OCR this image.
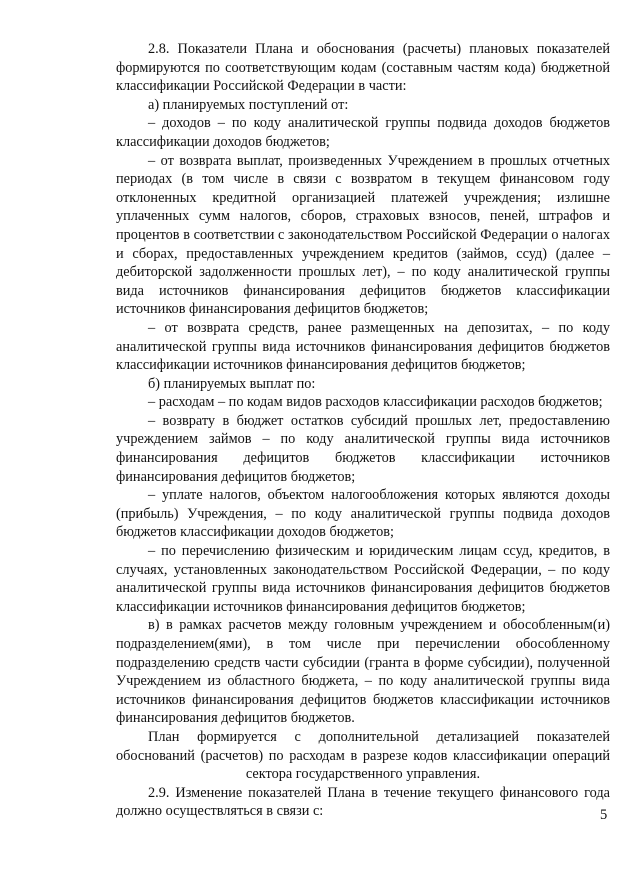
2.8. Показатели Плана и обоснования (расчеты) плановых показателей формируются по соответствующим кодам (составным частям кода) бюджетной классификации Российской Федерации в части:

а) планируемых поступлений от:

– доходов – по коду аналитической группы подвида доходов бюджетов классификации доходов бюджетов;

– от возврата выплат, произведенных Учреждением в прошлых отчетных периодах (в том числе в связи с возвратом в текущем финансовом году отклоненных кредитной организацией платежей учреждения; излишне уплаченных сумм налогов, сборов, страховых взносов, пеней, штрафов и процентов в соответствии с законодательством Российской Федерации о налогах и сборах, предоставленных учреждением кредитов (займов, ссуд) (далее – дебиторской задолженности прошлых лет), – по коду аналитической группы вида источников финансирования дефицитов бюджетов классификации источников финансирования дефицитов бюджетов;

– от возврата средств, ранее размещенных на депозитах, – по коду аналитической группы вида источников финансирования дефицитов бюджетов классификации источников финансирования дефицитов бюджетов;

б) планируемых выплат по:

– расходам – по кодам видов расходов классификации расходов бюджетов;

– возврату в бюджет остатков субсидий прошлых лет, предоставлению учреждением займов – по коду аналитической группы вида источников финансирования дефицитов бюджетов классификации источников финансирования дефицитов бюджетов;

– уплате налогов, объектом налогообложения которых являются доходы (прибыль) Учреждения, – по коду аналитической группы подвида доходов бюджетов классификации доходов бюджетов;

– по перечислению физическим и юридическим лицам ссуд, кредитов, в случаях, установленных законодательством Российской Федерации, – по коду аналитической группы вида источников финансирования дефицитов бюджетов классификации источников финансирования дефицитов бюджетов;

в) в рамках расчетов между головным учреждением и обособленным(и) подразделением(ями), в том числе при перечислении обособленному подразделению средств части субсидии (гранта в форме субсидии), полученной Учреждением из областного бюджета, – по коду аналитической группы вида источников финансирования дефицитов бюджетов классификации источников финансирования дефицитов бюджетов.

План формируется с дополнительной детализацией показателей обоснований (расчетов) по расходам в разрезе кодов классификации операций сектора государственного управления.

2.9. Изменение показателей Плана в течение текущего финансового года должно осуществляться в связи с:	5
